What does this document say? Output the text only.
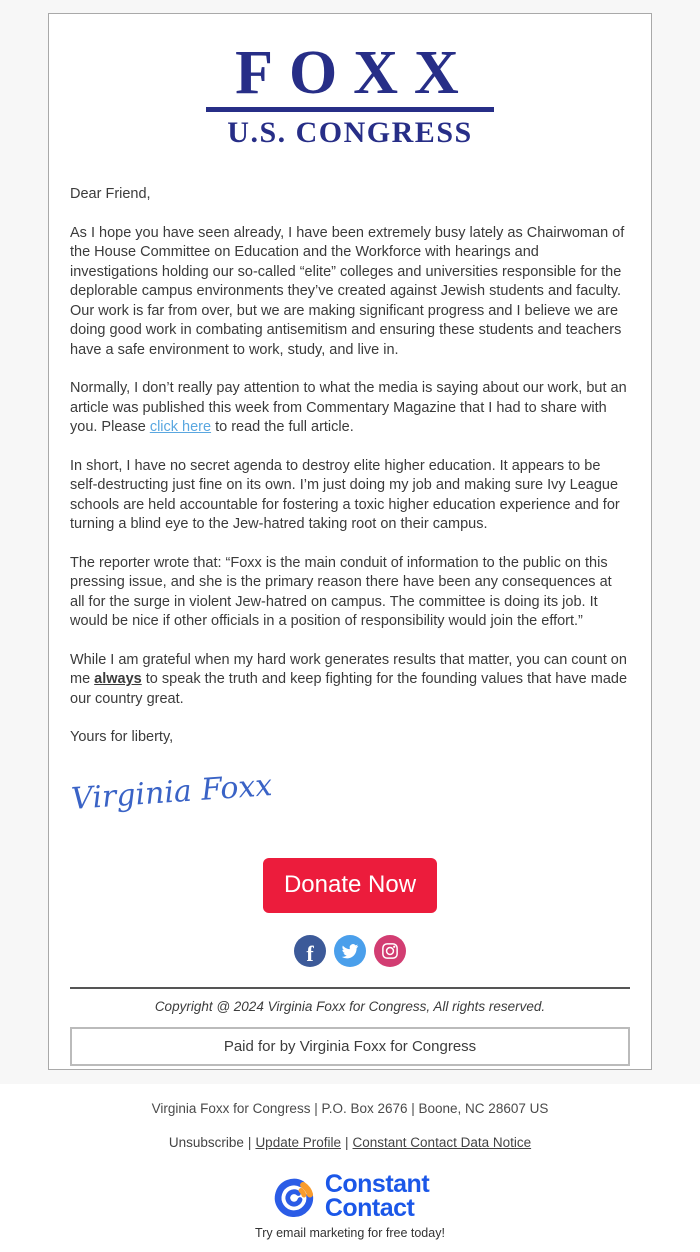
FOXX
U.S. CONGRESS

Dear Friend,

As I hope you have seen already, I have been extremely busy lately as Chairwoman of the House Committee on Education and the Workforce with hearings and investigations holding our so-called “elite” colleges and universities responsible for the deplorable campus environments they’ve created against Jewish students and faculty. Our work is far from over, but we are making significant progress and I believe we are doing good work in combating antisemitism and ensuring these students and teachers have a safe environment to work, study, and live in.

Normally, I don’t really pay attention to what the media is saying about our work, but an article was published this week from Commentary Magazine that I had to share with you. Please click here to read the full article.

In short, I have no secret agenda to destroy elite higher education. It appears to be self-destructing just fine on its own. I’m just doing my job and making sure Ivy League schools are held accountable for fostering a toxic higher education experience and for turning a blind eye to the Jew-hatred taking root on their campus.

The reporter wrote that: “Foxx is the main conduit of information to the public on this pressing issue, and she is the primary reason there have been any consequences at all for the surge in violent Jew-hatred on campus. The committee is doing its job. It would be nice if other officials in a position of responsibility would join the effort.”

While I am grateful when my hard work generates results that matter, you can count on me always to speak the truth and keep fighting for the founding values that have made our country great.

Yours for liberty,

Virginia Foxx
Donate Now
f
Copyright @ 2024 Virginia Foxx for Congress, All rights reserved.
Paid for by Virginia Foxx for Congress
Virginia Foxx for Congress | P.O. Box 2676 | Boone, NC 28607 US
Unsubscribe | Update Profile | Constant Contact Data Notice
Constant
Contact
Try email marketing for free today!
